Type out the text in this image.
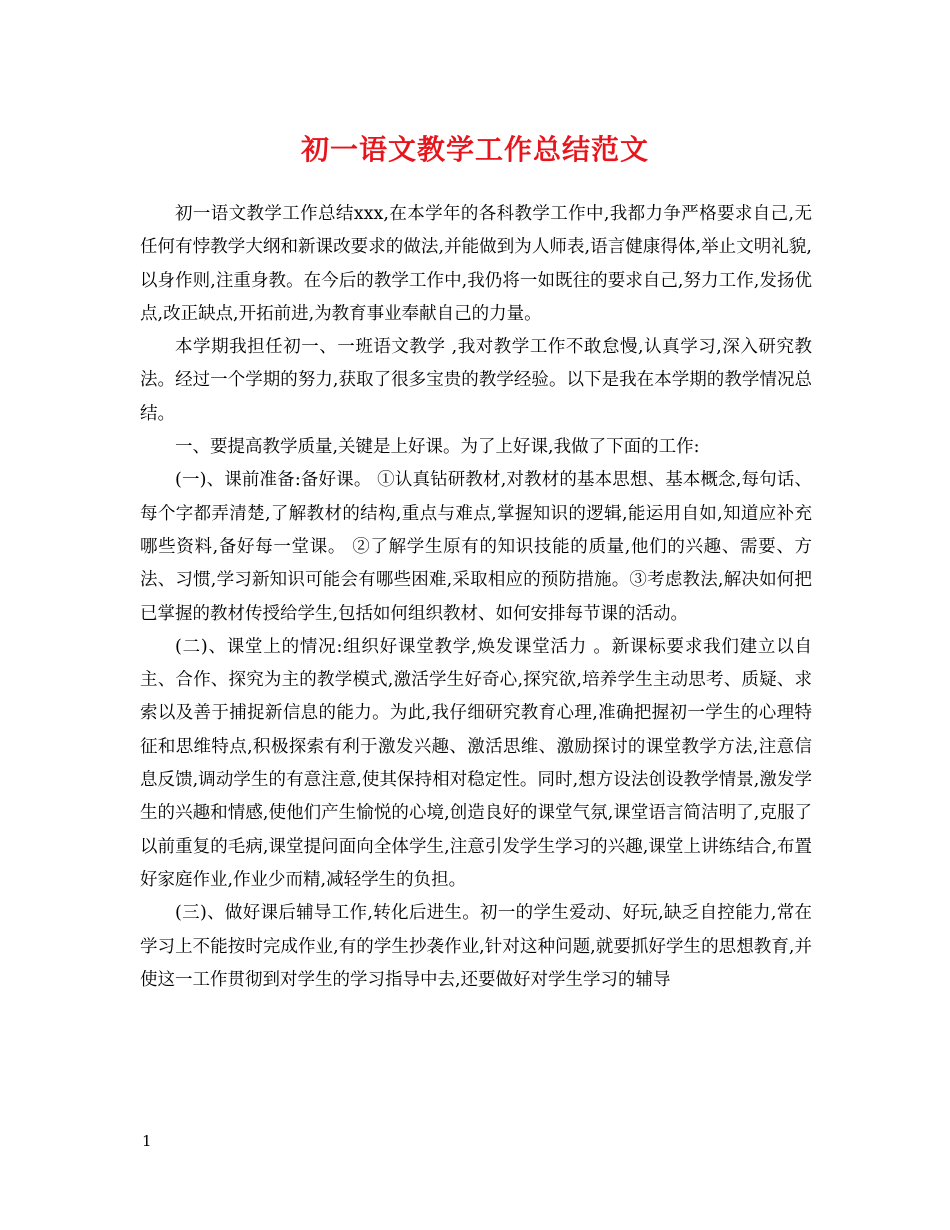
初一语文教学工作总结范文

初一语文教学工作总结xxx,在本学年的各科教学工作中,我都力争严格要求自己,无任何有悖教学大纲和新课改要求的做法,并能做到为人师表,语言健康得体,举止文明礼貌,以身作则,注重身教。在今后的教学工作中,我仍将一如既往的要求自己,努力工作,发扬优点,改正缺点,开拓前进,为教育事业奉献自己的力量。

本学期我担任初一、一班语文教学 ,我对教学工作不敢怠慢,认真学习,深入研究教法。经过一个学期的努力,获取了很多宝贵的教学经验。以下是我在本学期的教学情况总结。

一、要提高教学质量,关键是上好课。为了上好课,我做了下面的工作:

(一)、课前准备:备好课。 ①认真钻研教材,对教材的基本思想、基本概念,每句话、每个字都弄清楚,了解教材的结构,重点与难点,掌握知识的逻辑,能运用自如,知道应补充哪些资料,备好每一堂课。 ②了解学生原有的知识技能的质量,他们的兴趣、需要、方法、习惯,学习新知识可能会有哪些困难,采取相应的预防措施。③考虑教法,解决如何把已掌握的教材传授给学生,包括如何组织教材、如何安排每节课的活动。

(二)、课堂上的情况:组织好课堂教学,焕发课堂活力 。新课标要求我们建立以自主、合作、探究为主的教学模式,激活学生好奇心,探究欲,培养学生主动思考、质疑、求索以及善于捕捉新信息的能力。为此,我仔细研究教育心理,准确把握初一学生的心理特征和思维特点,积极探索有利于激发兴趣、激活思维、激励探讨的课堂教学方法,注意信息反馈,调动学生的有意注意,使其保持相对稳定性。同时,想方设法创设教学情景,激发学生的兴趣和情感,使他们产生愉悦的心境,创造良好的课堂气氛,课堂语言简洁明了,克服了以前重复的毛病,课堂提问面向全体学生,注意引发学生学习的兴趣,课堂上讲练结合,布置好家庭作业,作业少而精,减轻学生的负担。

(三)、做好课后辅导工作,转化后进生。初一的学生爱动、好玩,缺乏自控能力,常在学习上不能按时完成作业,有的学生抄袭作业,针对这种问题,就要抓好学生的思想教育,并使这一工作贯彻到对学生的学习指导中去,还要做好对学生学习的辅导

1
